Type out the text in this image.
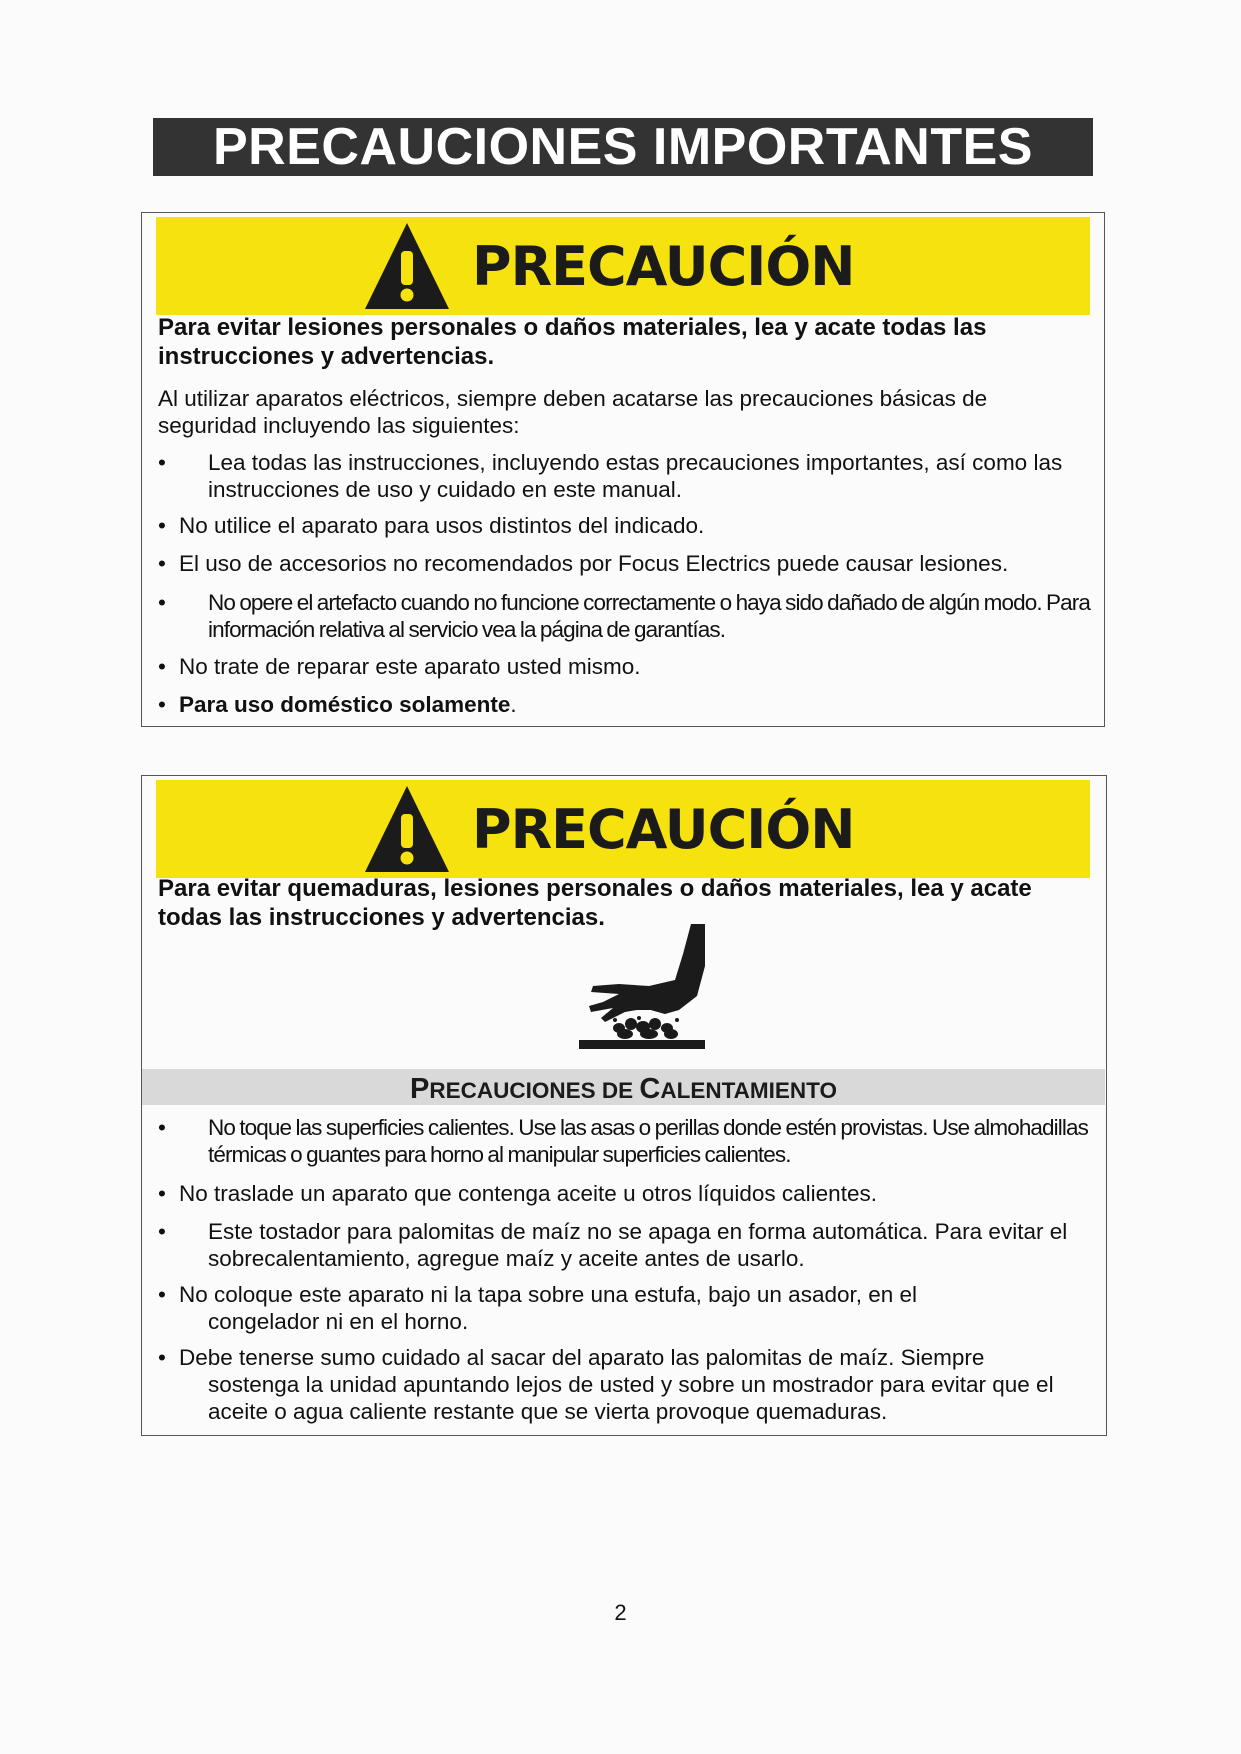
PRECAUCIONES IMPORTANTES
PRECAUCIÓN

Para evitar lesiones personales o daños materiales, lea y acate todas las instrucciones y advertencias.

Al utilizar aparatos eléctricos, siempre deben acatarse las precauciones básicas de seguridad incluyendo las siguientes:

•	Lea todas las instrucciones, incluyendo estas precauciones importantes, así como las instrucciones de uso y cuidado en este manual.
• No utilice el aparato para usos distintos del indicado.
• El uso de accesorios no recomendados por Focus Electrics puede causar lesiones.
•	No opere el artefacto cuando no funcione correctamente o haya sido dañado de algún modo. Para información relativa al servicio vea la página de garantías.
• No trate de reparar este aparato usted mismo.
• Para uso doméstico solamente.
PRECAUCIÓN

Para evitar quemaduras, lesiones personales o daños materiales, lea y acate todas las instrucciones y advertencias.

PRECAUCIONES DE CALENTAMIENTO
•	No toque las superficies calientes. Use las asas o perillas donde estén provistas. Use almohadillas térmicas o guantes para horno al manipular superficies calientes.
• No traslade un aparato que contenga aceite u otros líquidos calientes.
•	Este tostador para palomitas de maíz no se apaga en forma automática. Para evitar el sobrecalentamiento, agregue maíz y aceite antes de usarlo.
• No coloque este aparato ni la tapa sobre una estufa, bajo un asador, en el
congelador ni en el horno.
• Debe tenerse sumo cuidado al sacar del aparato las palomitas de maíz. Siempre
sostenga la unidad apuntando lejos de usted y sobre un mostrador para evitar que el aceite o agua caliente restante que se vierta provoque quemaduras.
2
